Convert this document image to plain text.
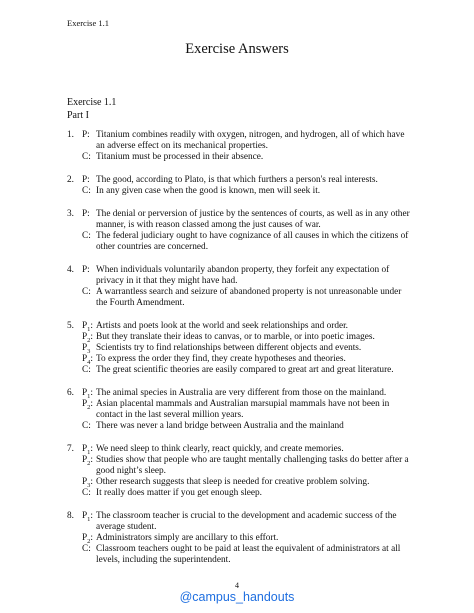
Exercise 1.1
Exercise Answers
Exercise 1.1
Part I
1. P: Titanium combines readily with oxygen, nitrogen, and hydrogen, all of which have an adverse effect on its mechanical properties.
C: Titanium must be processed in their absence.
2. P: The good, according to Plato, is that which furthers a person's real interests.
C: In any given case when the good is known, men will seek it.
3. P: The denial or perversion of justice by the sentences of courts, as well as in any other manner, is with reason classed among the just causes of war.
C: The federal judiciary ought to have cognizance of all causes in which the citizens of other countries are concerned.
4. P: When individuals voluntarily abandon property, they forfeit any expectation of privacy in it that they might have had.
C: A warrantless search and seizure of abandoned property is not unreasonable under the Fourth Amendment.
5. $P_1$: Artists and poets look at the world and seek relationships and order.
$P_2$: But they translate their ideas to canvas, or to marble, or into poetic images.
$P_3$ Scientists try to find relationships between different objects and events.
$P_4$: To express the order they find, they create hypotheses and theories.
C: The great scientific theories are easily compared to great art and great literature.
6. $P_1$: The animal species in Australia are very different from those on the mainland.
$P_2$: Asian placental mammals and Australian marsupial mammals have not been in contact in the last several million years.
C: There was never a land bridge between Australia and the mainland
7. $P_1$: We need sleep to think clearly, react quickly, and create memories.
$P_2$: Studies show that people who are taught mentally challenging tasks do better after a good night’s sleep.
$P_3$: Other research suggests that sleep is needed for creative problem solving.
C: It really does matter if you get enough sleep.
8. $P_1$: The classroom teacher is crucial to the development and academic success of the average student.
$P_2$: Administrators simply are ancillary to this effort.
C: Classroom teachers ought to be paid at least the equivalent of administrators at all levels, including the superintendent.
4
@campus_handouts
